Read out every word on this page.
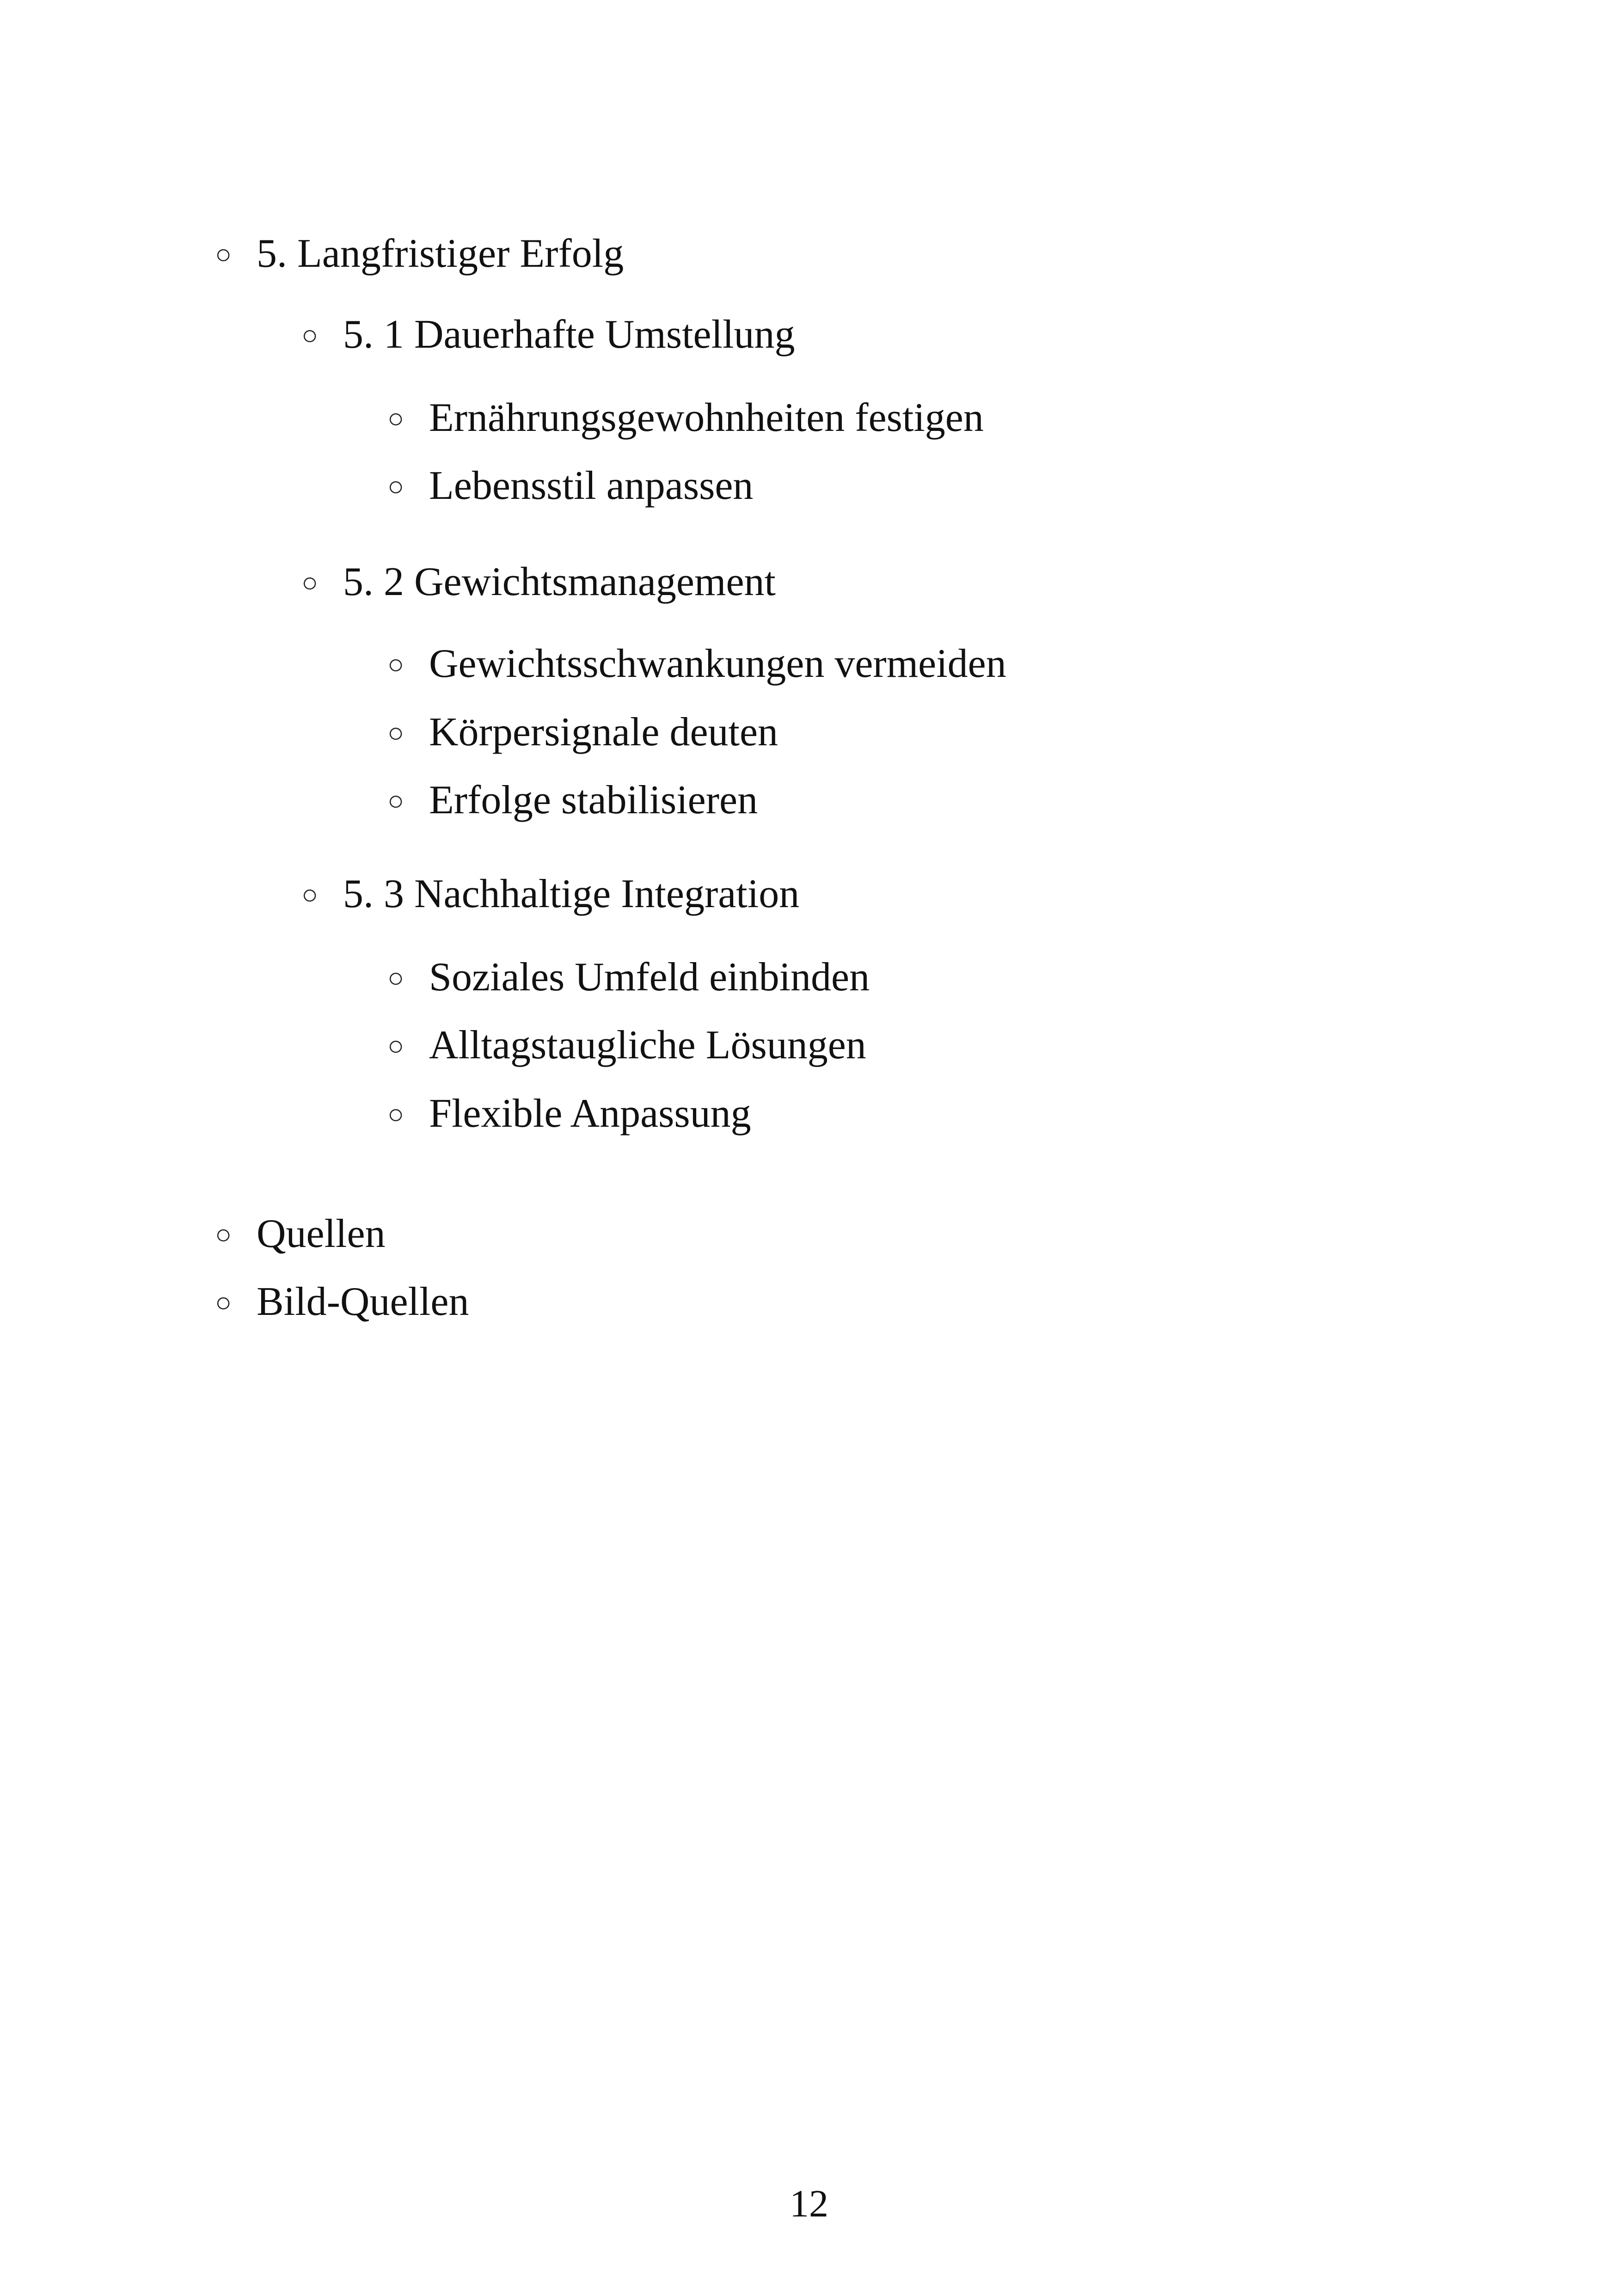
○ 5. Langfristiger Erfolg
○ 5. 1 Dauerhafte Umstellung
○ Ernährungsgewohnheiten festigen
○ Lebensstil anpassen
○ 5. 2 Gewichtsmanagement
○ Gewichtsschwankungen vermeiden
○ Körpersignale deuten
○ Erfolge stabilisieren
○ 5. 3 Nachhaltige Integration
○ Soziales Umfeld einbinden
○ Alltagstaugliche Lösungen
○ Flexible Anpassung
○ Quellen
○ Bild-Quellen
12
